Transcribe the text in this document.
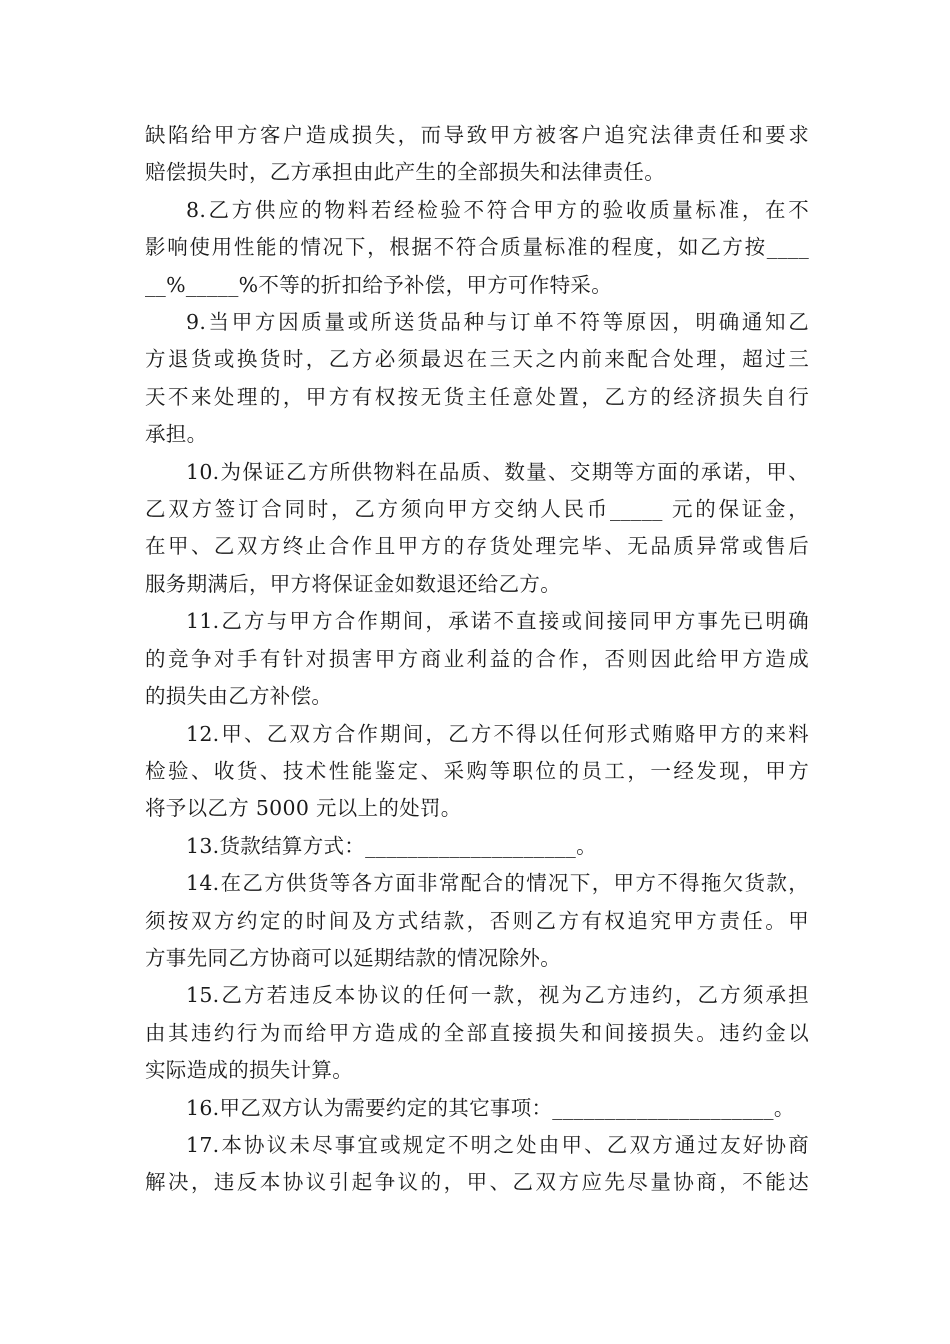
缺陷给甲方客户造成损失，而导致甲方被客户追究法律责任和要求
赔偿损失时，乙方承担由此产生的全部损失和法律责任。
8.乙方供应的物料若经检验不符合甲方的验收质量标准，在不
影响使用性能的情况下，根据不符合质量标准的程度，如乙方按____
__%_____%不等的折扣给予补偿，甲方可作特采。
9.当甲方因质量或所送货品种与订单不符等原因，明确通知乙
方退货或换货时，乙方必须最迟在三天之内前来配合处理，超过三
天不来处理的，甲方有权按无货主任意处置，乙方的经济损失自行
承担。
10.为保证乙方所供物料在品质、数量、交期等方面的承诺，甲、
乙双方签订合同时，乙方须向甲方交纳人民币_____ 元的保证金，
在甲、乙双方终止合作且甲方的存货处理完毕、无品质异常或售后
服务期满后，甲方将保证金如数退还给乙方。
11.乙方与甲方合作期间，承诺不直接或间接同甲方事先已明确
的竞争对手有针对损害甲方商业利益的合作，否则因此给甲方造成
的损失由乙方补偿。
12.甲、乙双方合作期间，乙方不得以任何形式贿赂甲方的来料
检验、收货、技术性能鉴定、采购等职位的员工，一经发现，甲方
将予以乙方 5000 元以上的处罚。
13.货款结算方式：____________________。
14.在乙方供货等各方面非常配合的情况下，甲方不得拖欠货款，
须按双方约定的时间及方式结款，否则乙方有权追究甲方责任。甲
方事先同乙方协商可以延期结款的情况除外。
15.乙方若违反本协议的任何一款，视为乙方违约，乙方须承担
由其违约行为而给甲方造成的全部直接损失和间接损失。违约金以
实际造成的损失计算。
16.甲乙双方认为需要约定的其它事项：_____________________。
17.本协议未尽事宜或规定不明之处由甲、乙双方通过友好协商
解决，违反本协议引起争议的，甲、乙双方应先尽量协商，不能达
